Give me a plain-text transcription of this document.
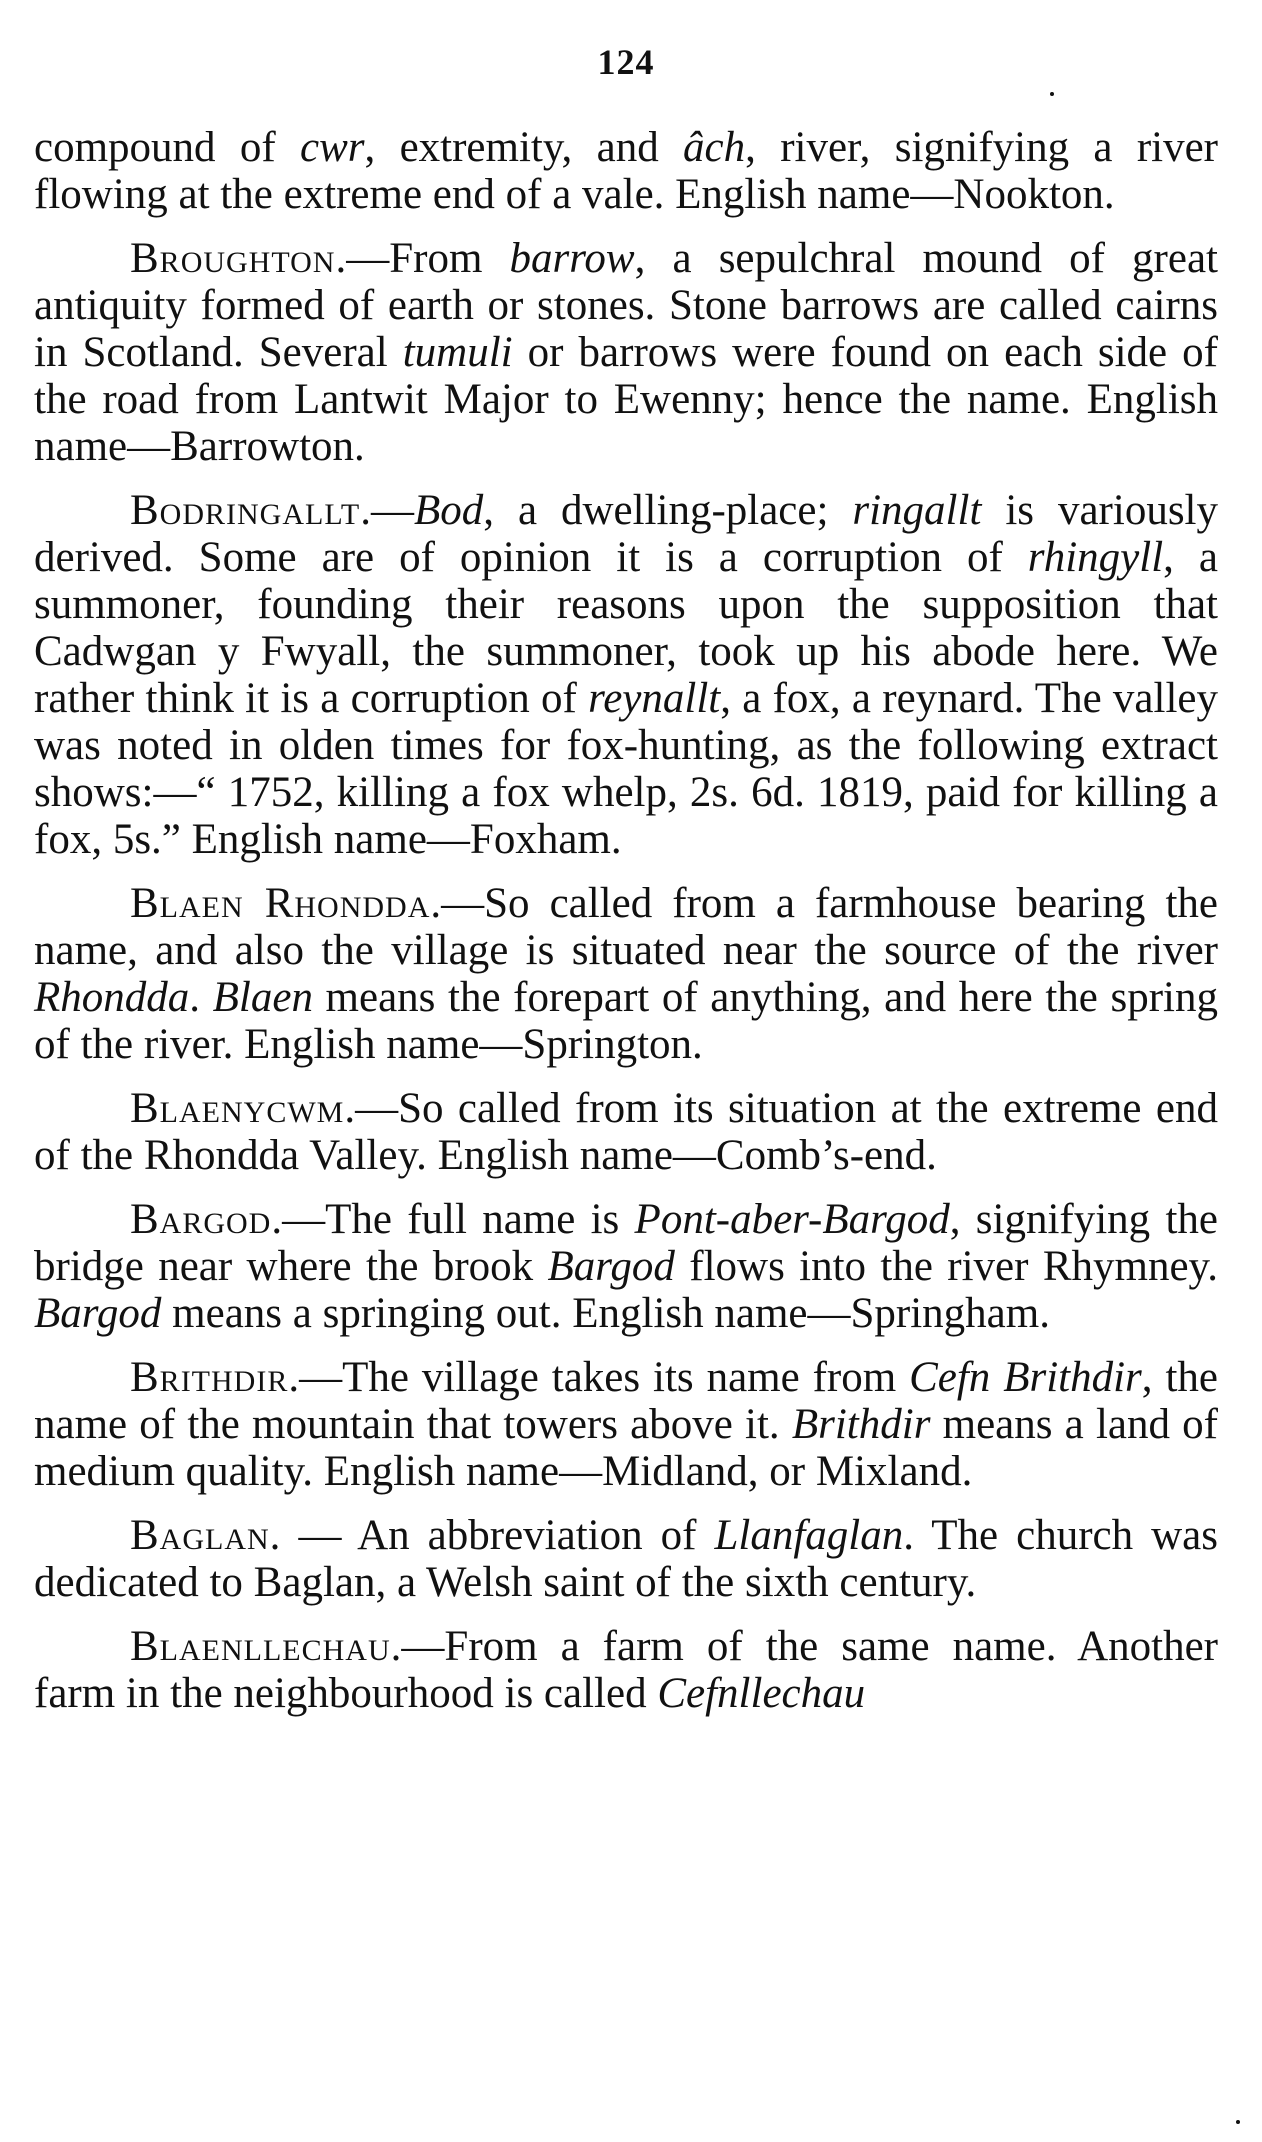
124

compound of cwr, extremity, and âch, river, signifying a river flowing at the extreme end of a vale. English name—Nookton.

Broughton.—From barrow, a sepulchral mound of great antiquity formed of earth or stones. Stone barrows are called cairns in Scotland. Several tumuli or barrows were found on each side of the road from Lantwit Major to Ewenny; hence the name. English name—Barrowton.

Bodringallt.—Bod, a dwelling-place; ringallt is variously derived. Some are of opinion it is a corruption of rhingyll, a summoner, founding their reasons upon the supposition that Cadwgan y Fwyall, the summoner, took up his abode here. We rather think it is a corruption of reynallt, a fox, a reynard. The valley was noted in olden times for fox-hunting, as the following extract shows:—“ 1752, killing a fox whelp, 2s. 6d. 1819, paid for killing a fox, 5s.” English name—Foxham.

Blaen Rhondda.—So called from a farmhouse bearing the name, and also the village is situated near the source of the river Rhondda. Blaen means the forepart of anything, and here the spring of the river. English name—Springton.

Blaenycwm.—So called from its situation at the extreme end of the Rhondda Valley. English name—Comb’s-end.

Bargod.—The full name is Pont-aber-Bargod, signifying the bridge near where the brook Bargod flows into the river Rhymney. Bargod means a springing out. English name—Springham.

Brithdir.—The village takes its name from Cefn Brithdir, the name of the mountain that towers above it. Brithdir means a land of medium quality. English name—Midland, or Mixland.

Baglan. — An abbreviation of Llanfaglan. The church was dedicated to Baglan, a Welsh saint of the sixth century.

Blaenllechau.—From a farm of the same name. Another farm in the neighbourhood is called Cefnllechau
